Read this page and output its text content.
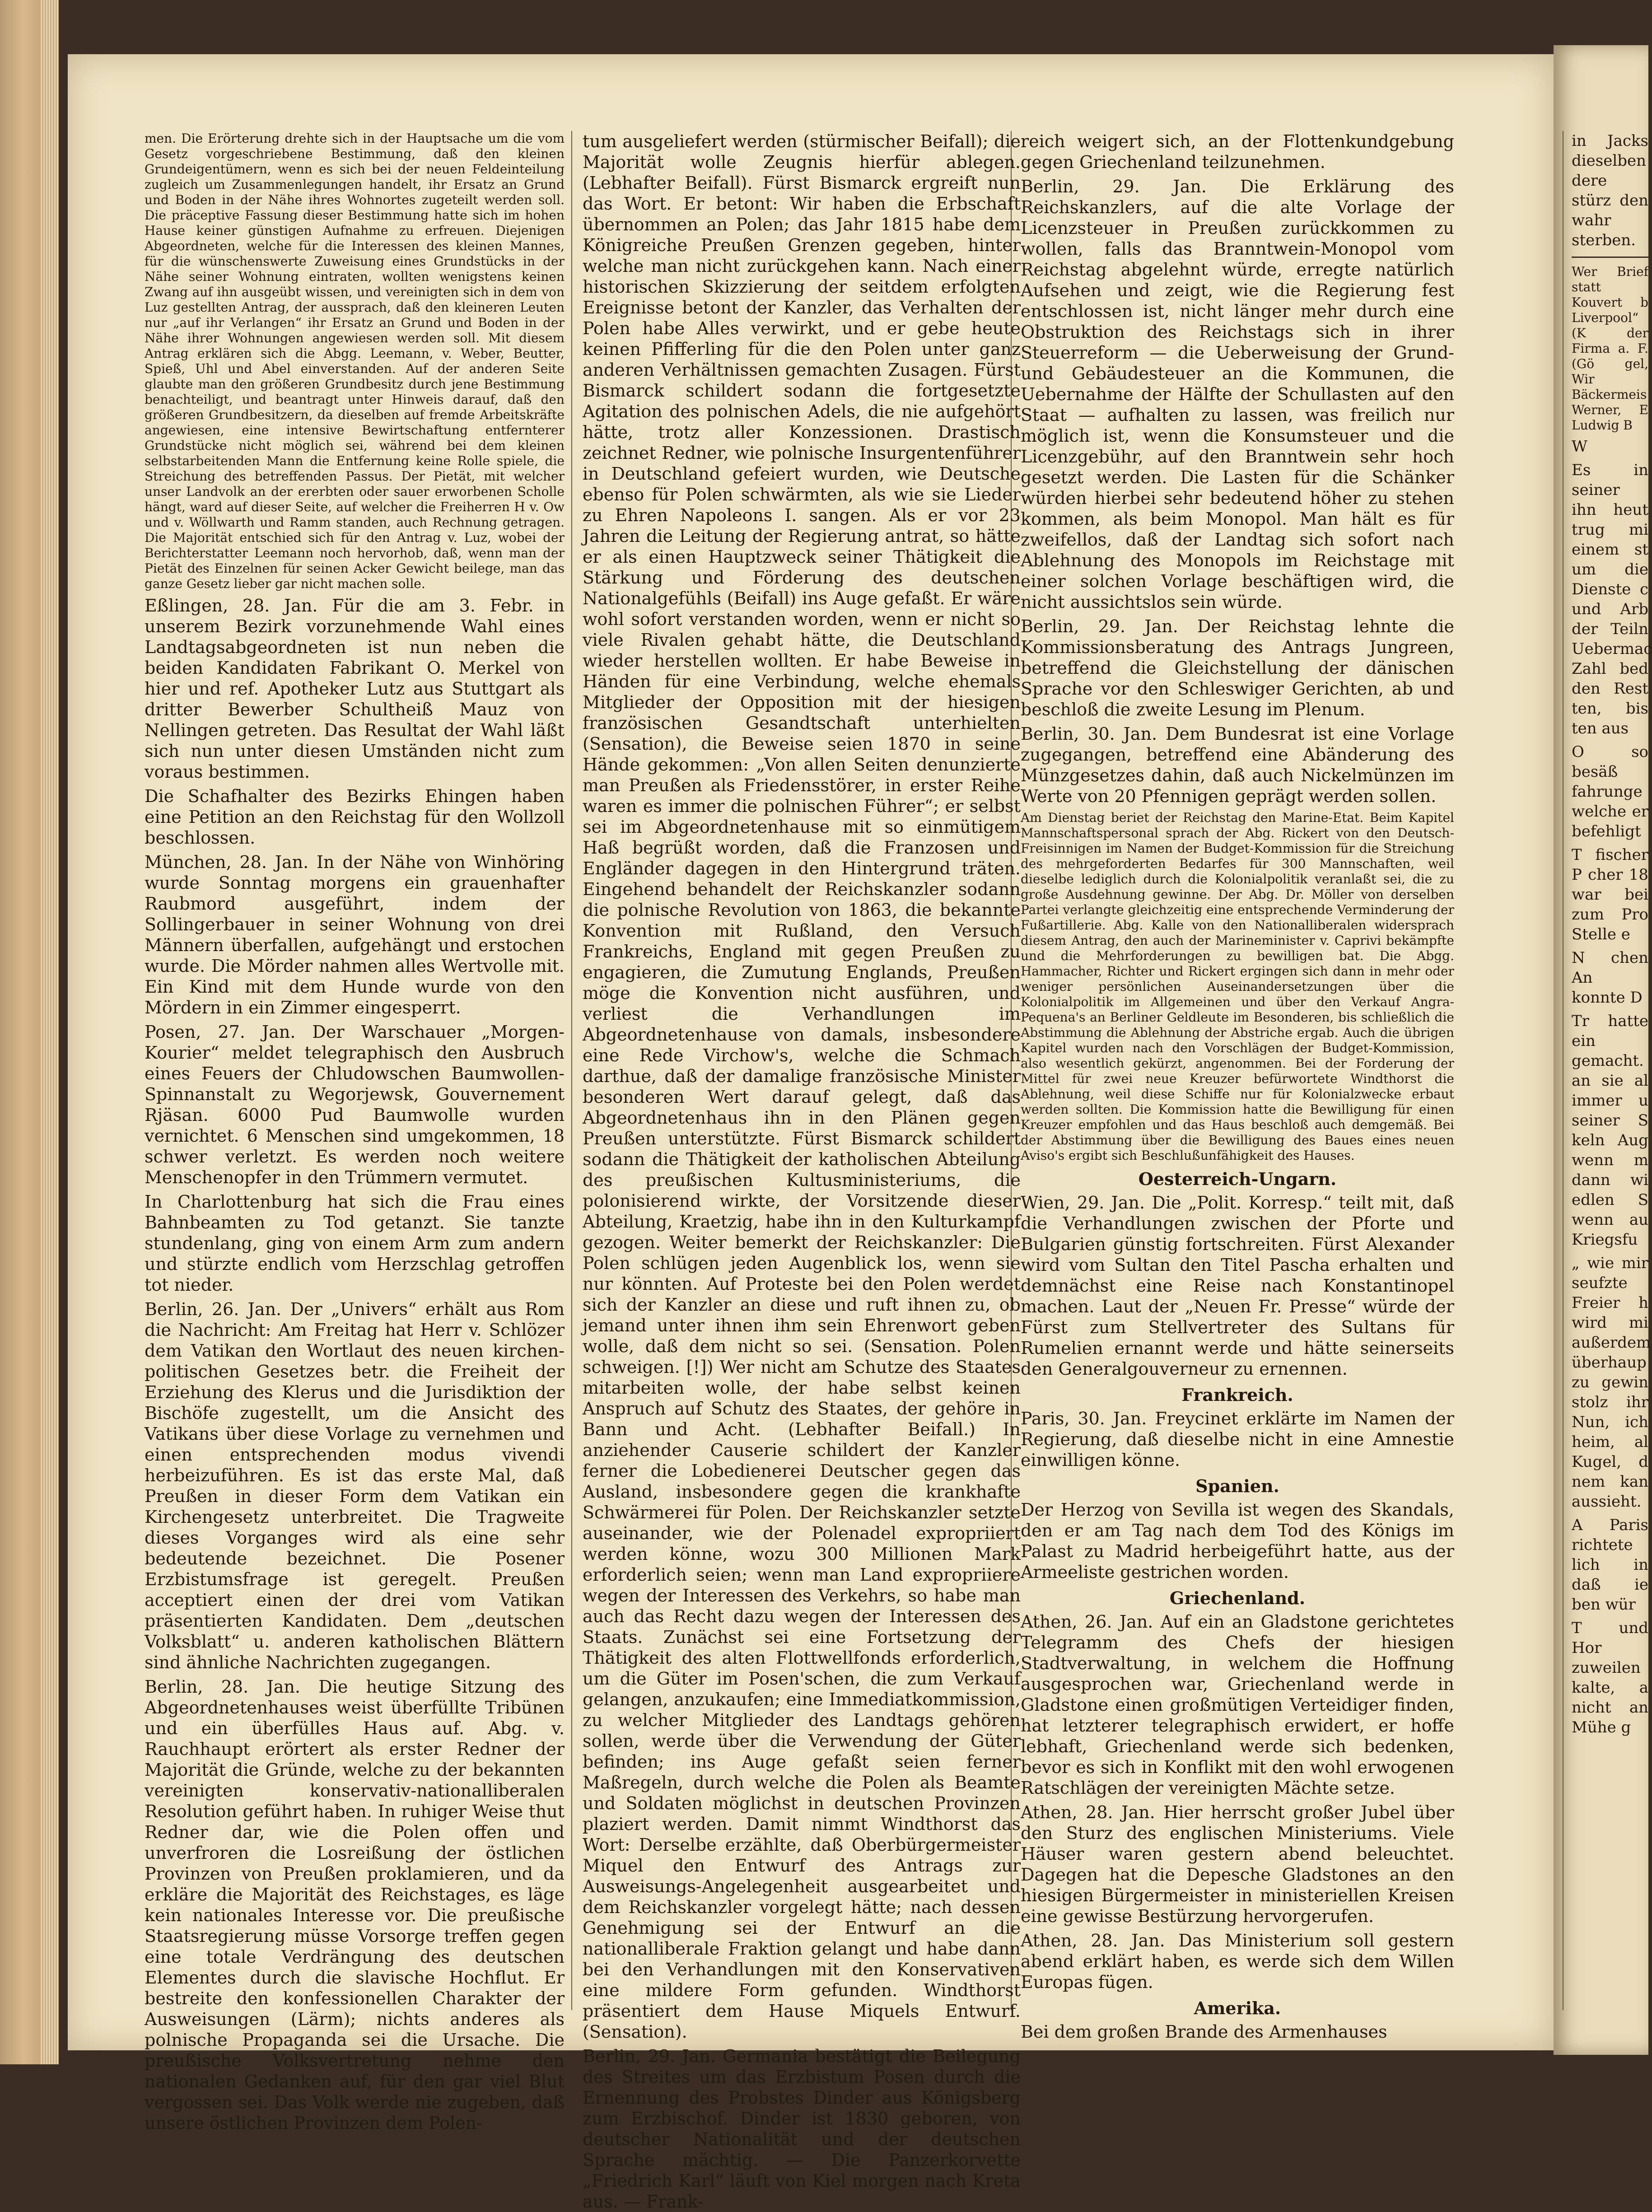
men. Die Erörterung drehte sich in der Hauptsache um die vom Gesetz vorgeschriebene Bestimmung, daß den kleinen Grundeigentümern, wenn es sich bei der neuen Feldeinteilung zugleich um Zusammenlegungen handelt, ihr Ersatz an Grund und Boden in der Nähe ihres Wohnortes zugeteilt werden soll. Die präceptive Fassung dieser Bestimmung hatte sich im hohen Hause keiner günstigen Aufnahme zu erfreuen. Diejenigen Abgeordneten, welche für die Interessen des kleinen Mannes, für die wünschenswerte Zuweisung eines Grundstücks in der Nähe seiner Wohnung eintraten, wollten wenigstens keinen Zwang auf ihn ausgeübt wissen, und vereinigten sich in dem von Luz gestellten Antrag, der aussprach, daß den kleineren Leuten nur „auf ihr Verlangen“ ihr Ersatz an Grund und Boden in der Nähe ihrer Wohnungen angewiesen werden soll. Mit diesem Antrag erklären sich die Abgg. Leemann, v. Weber, Beutter, Spieß, Uhl und Abel einverstanden. Auf der anderen Seite glaubte man den größeren Grundbesitz durch jene Bestimmung benachteiligt, und beantragt unter Hinweis darauf, daß den größeren Grundbesitzern, da dieselben auf fremde Arbeitskräfte angewiesen, eine intensive Bewirtschaftung entfernterer Grundstücke nicht möglich sei, während bei dem kleinen selbstarbeitenden Mann die Entfernung keine Rolle spiele, die Streichung des betreffenden Passus. Der Pietät, mit welcher unser Landvolk an der ererbten oder sauer erworbenen Scholle hängt, ward auf dieser Seite, auf welcher die Freiherren H v. Ow und v. Wöllwarth und Ramm standen, auch Rechnung getragen. Die Majorität entschied sich für den Antrag v. Luz, wobei der Berichterstatter Leemann noch hervorhob, daß, wenn man der Pietät des Einzelnen für seinen Acker Gewicht beilege, man das ganze Gesetz lieber gar nicht machen solle.

Eßlingen, 28. Jan. Für die am 3. Febr. in unserem Bezirk vorzunehmende Wahl eines Landtagsabgeordneten ist nun neben die beiden Kandidaten Fabrikant O. Merkel von hier und ref. Apotheker Lutz aus Stuttgart als dritter Bewerber Schultheiß Mauz von Nellingen getreten. Das Resultat der Wahl läßt sich nun unter diesen Umständen nicht zum voraus bestimmen.

Die Schafhalter des Bezirks Ehingen haben eine Petition an den Reichstag für den Wollzoll beschlossen.

München, 28. Jan. In der Nähe von Winhöring wurde Sonntag morgens ein grauenhafter Raubmord ausgeführt, indem der Sollingerbauer in seiner Wohnung von drei Männern überfallen, aufgehängt und erstochen wurde. Die Mörder nahmen alles Wertvolle mit. Ein Kind mit dem Hunde wurde von den Mördern in ein Zimmer eingesperrt.

Posen, 27. Jan. Der Warschauer „Morgen-Kourier“ meldet telegraphisch den Ausbruch eines Feuers der Chludowschen Baumwollen-Spinnanstalt zu Wegorjewsk, Gouvernement Rjäsan. 6000 Pud Baumwolle wurden vernichtet. 6 Menschen sind umgekommen, 18 schwer verletzt. Es werden noch weitere Menschenopfer in den Trümmern vermutet.

In Charlottenburg hat sich die Frau eines Bahnbeamten zu Tod getanzt. Sie tanzte stundenlang, ging von einem Arm zum andern und stürzte endlich vom Herzschlag getroffen tot nieder.

Berlin, 26. Jan. Der „Univers“ erhält aus Rom die Nachricht: Am Freitag hat Herr v. Schlözer dem Vatikan den Wortlaut des neuen kirchen-politischen Gesetzes betr. die Freiheit der Erziehung des Klerus und die Jurisdiktion der Bischöfe zugestellt, um die Ansicht des Vatikans über diese Vorlage zu vernehmen und einen entsprechenden modus vivendi herbeizuführen. Es ist das erste Mal, daß Preußen in dieser Form dem Vatikan ein Kirchengesetz unterbreitet. Die Tragweite dieses Vorganges wird als eine sehr bedeutende bezeichnet. Die Posener Erzbistumsfrage ist geregelt. Preußen acceptiert einen der drei vom Vatikan präsentierten Kandidaten. Dem „deutschen Volksblatt“ u. anderen katholischen Blättern sind ähnliche Nachrichten zugegangen.

Berlin, 28. Jan. Die heutige Sitzung des Abgeordnetenhauses weist überfüllte Tribünen und ein überfülles Haus auf. Abg. v. Rauchhaupt erörtert als erster Redner der Majorität die Gründe, welche zu der bekannten vereinigten konservativ-nationalliberalen Resolution geführt haben. In ruhiger Weise thut Redner dar, wie die Polen offen und unverfroren die Losreißung der östlichen Provinzen von Preußen proklamieren, und da erkläre die Majorität des Reichstages, es läge kein nationales Interesse vor. Die preußische Staatsregierung müsse Vorsorge treffen gegen eine totale Verdrängung des deutschen Elementes durch die slavische Hochflut. Er bestreite den konfessionellen Charakter der Ausweisungen (Lärm); nichts anderes als polnische Propaganda sei die Ursache. Die preußische Volksvertretung nehme den nationalen Gedanken auf, für den gar viel Blut vergossen sei. Das Volk werde nie zugeben, daß unsere östlichen Provinzen dem Polen-

tum ausgeliefert werden (stürmischer Beifall); die Majorität wolle Zeugnis hierfür ablegen. (Lebhafter Beifall). Fürst Bismarck ergreift nun das Wort. Er betont: Wir haben die Erbschaft übernommen an Polen; das Jahr 1815 habe dem Königreiche Preußen Grenzen gegeben, hinter welche man nicht zurückgehen kann. Nach einer historischen Skizzierung der seitdem erfolgten Ereignisse betont der Kanzler, das Verhalten der Polen habe Alles verwirkt, und er gebe heute keinen Pfifferling für die den Polen unter ganz anderen Verhältnissen gemachten Zusagen. Fürst Bismarck schildert sodann die fortgesetzte Agitation des polnischen Adels, die nie aufgehört hätte, trotz aller Konzessionen. Drastisch zeichnet Redner, wie polnische Insurgentenführer in Deutschland gefeiert wurden, wie Deutsche ebenso für Polen schwärmten, als wie sie Lieder zu Ehren Napoleons I. sangen. Als er vor 23 Jahren die Leitung der Regierung antrat, so hätte er als einen Hauptzweck seiner Thätigkeit die Stärkung und Förderung des deutschen Nationalgefühls (Beifall) ins Auge gefaßt. Er wäre wohl sofort verstanden worden, wenn er nicht so viele Rivalen gehabt hätte, die Deutschland wieder herstellen wollten. Er habe Beweise in Händen für eine Verbindung, welche ehemals Mitglieder der Opposition mit der hiesigen französischen Gesandtschaft unterhielten (Sensation), die Beweise seien 1870 in seine Hände gekommen: „Von allen Seiten denunzierte man Preußen als Friedensstörer, in erster Reihe waren es immer die polnischen Führer“; er selbst sei im Abgeordnetenhause mit so einmütigem Haß begrüßt worden, daß die Franzosen und Engländer dagegen in den Hintergrund träten. Eingehend behandelt der Reichskanzler sodann die polnische Revolution von 1863, die bekannte Konvention mit Rußland, den Versuch Frankreichs, England mit gegen Preußen zu engagieren, die Zumutung Englands, Preußen möge die Konvention nicht ausführen, und verliest die Verhandlungen im Abgeordnetenhause von damals, insbesondere eine Rede Virchow's, welche die Schmach darthue, daß der damalige französische Minister besonderen Wert darauf gelegt, daß das Abgeordnetenhaus ihn in den Plänen gegen Preußen unterstützte. Fürst Bismarck schildert sodann die Thätigkeit der katholischen Abteilung des preußischen Kultusministeriums, die polonisierend wirkte, der Vorsitzende dieser Abteilung, Kraetzig, habe ihn in den Kulturkampf gezogen. Weiter bemerkt der Reichskanzler: Die Polen schlügen jeden Augenblick los, wenn sie nur könnten. Auf Proteste bei den Polen werdet sich der Kanzler an diese und ruft ihnen zu, ob jemand unter ihnen ihm sein Ehrenwort geben wolle, daß dem nicht so sei. (Sensation. Polen schweigen. [!]) Wer nicht am Schutze des Staates mitarbeiten wolle, der habe selbst keinen Anspruch auf Schutz des Staates, der gehöre in Bann und Acht. (Lebhafter Beifall.) In anziehender Causerie schildert der Kanzler ferner die Lobedienerei Deutscher gegen das Ausland, insbesondere gegen die krankhafte Schwärmerei für Polen. Der Reichskanzler setzte auseinander, wie der Polenadel expropriiert werden könne, wozu 300 Millionen Mark erforderlich seien; wenn man Land expropriiere wegen der Interessen des Verkehrs, so habe man auch das Recht dazu wegen der Interessen des Staats. Zunächst sei eine Fortsetzung der Thätigkeit des alten Flottwellfonds erforderlich, um die Güter im Posen'schen, die zum Verkauf gelangen, anzukaufen; eine Immediatkommission, zu welcher Mitglieder des Landtags gehören sollen, werde über die Verwendung der Güter befinden; ins Auge gefaßt seien ferner Maßregeln, durch welche die Polen als Beamte und Soldaten möglichst in deutschen Provinzen plaziert werden. Damit nimmt Windthorst das Wort: Derselbe erzählte, daß Oberbürgermeister Miquel den Entwurf des Antrags zur Ausweisungs-Angelegenheit ausgearbeitet und dem Reichskanzler vorgelegt hätte; nach dessen Genehmigung sei der Entwurf an die nationalliberale Fraktion gelangt und habe dann bei den Verhandlungen mit den Konservativen eine mildere Form gefunden. Windthorst präsentiert dem Hause Miquels Entwurf. (Sensation).

Berlin, 29. Jan. Germania bestätigt die Beilegung des Streites um das Erzbistum Posen durch die Ernennung des Probstes Dinder aus Königsberg zum Erzbischof. Dinder ist 1830 geboren, von deutscher Nationalität und der deutschen Sprache mächtig. — Die Panzerkorvette „Friedrich Karl“ läuft von Kiel morgen nach Kreta aus. — Frank-

reich weigert sich, an der Flottenkundgebung gegen Griechenland teilzunehmen.

Berlin, 29. Jan. Die Erklärung des Reichskanzlers, auf die alte Vorlage der Licenzsteuer in Preußen zurückkommen zu wollen, falls das Branntwein-Monopol vom Reichstag abgelehnt würde, erregte natürlich Aufsehen und zeigt, wie die Regierung fest entschlossen ist, nicht länger mehr durch eine Obstruktion des Reichstags sich in ihrer Steuerreform — die Ueberweisung der Grund- und Gebäudesteuer an die Kommunen, die Uebernahme der Hälfte der Schullasten auf den Staat — aufhalten zu lassen, was freilich nur möglich ist, wenn die Konsumsteuer und die Licenzgebühr, auf den Branntwein sehr hoch gesetzt werden. Die Lasten für die Schänker würden hierbei sehr bedeutend höher zu stehen kommen, als beim Monopol. Man hält es für zweifellos, daß der Landtag sich sofort nach Ablehnung des Monopols im Reichstage mit einer solchen Vorlage beschäftigen wird, die nicht aussichtslos sein würde.

Berlin, 29. Jan. Der Reichstag lehnte die Kommissionsberatung des Antrags Jungreen, betreffend die Gleichstellung der dänischen Sprache vor den Schleswiger Gerichten, ab und beschloß die zweite Lesung im Plenum.

Berlin, 30. Jan. Dem Bundesrat ist eine Vorlage zugegangen, betreffend eine Abänderung des Münzgesetzes dahin, daß auch Nickelmünzen im Werte von 20 Pfennigen geprägt werden sollen.

Am Dienstag beriet der Reichstag den Marine-Etat. Beim Kapitel Mannschaftspersonal sprach der Abg. Rickert von den Deutsch-Freisinnigen im Namen der Budget-Kommission für die Streichung des mehrgeforderten Bedarfes für 300 Mannschaften, weil dieselbe lediglich durch die Kolonialpolitik veranlaßt sei, die zu große Ausdehnung gewinne. Der Abg. Dr. Möller von derselben Partei verlangte gleichzeitig eine entsprechende Verminderung der Fußartillerie. Abg. Kalle von den Nationalliberalen widersprach diesem Antrag, den auch der Marineminister v. Caprivi bekämpfte und die Mehrforderungen zu bewilligen bat. Die Abgg. Hammacher, Richter und Rickert ergingen sich dann in mehr oder weniger persönlichen Auseinandersetzungen über die Kolonialpolitik im Allgemeinen und über den Verkauf Angra-Pequena's an Berliner Geldleute im Besonderen, bis schließlich die Abstimmung die Ablehnung der Abstriche ergab. Auch die übrigen Kapitel wurden nach den Vorschlägen der Budget-Kommission, also wesentlich gekürzt, angenommen. Bei der Forderung der Mittel für zwei neue Kreuzer befürwortete Windthorst die Ablehnung, weil diese Schiffe nur für Kolonialzwecke erbaut werden sollten. Die Kommission hatte die Bewilligung für einen Kreuzer empfohlen und das Haus beschloß auch demgemäß. Bei der Abstimmung über die Bewilligung des Baues eines neuen Aviso's ergibt sich Beschlußunfähigkeit des Hauses.

Oesterreich-Ungarn.

Wien, 29. Jan. Die „Polit. Korresp.“ teilt mit, daß die Verhandlungen zwischen der Pforte und Bulgarien günstig fortschreiten. Fürst Alexander wird vom Sultan den Titel Pascha erhalten und demnächst eine Reise nach Konstantinopel machen. Laut der „Neuen Fr. Presse“ würde der Fürst zum Stellvertreter des Sultans für Rumelien ernannt werde und hätte seinerseits den Generalgouverneur zu ernennen.

Frankreich.

Paris, 30. Jan. Freycinet erklärte im Namen der Regierung, daß dieselbe nicht in eine Amnestie einwilligen könne.

Spanien.

Der Herzog von Sevilla ist wegen des Skandals, den er am Tag nach dem Tod des Königs im Palast zu Madrid herbeigeführt hatte, aus der Armeeliste gestrichen worden.

Griechenland.

Athen, 26. Jan. Auf ein an Gladstone gerichtetes Telegramm des Chefs der hiesigen Stadtverwaltung, in welchem die Hoffnung ausgesprochen war, Griechenland werde in Gladstone einen großmütigen Verteidiger finden, hat letzterer telegraphisch erwidert, er hoffe lebhaft, Griechenland werde sich bedenken, bevor es sich in Konflikt mit den wohl erwogenen Ratschlägen der vereinigten Mächte setze.

Athen, 28. Jan. Hier herrscht großer Jubel über den Sturz des englischen Ministeriums. Viele Häuser waren gestern abend beleuchtet. Dagegen hat die Depesche Gladstones an den hiesigen Bürgermeister in ministeriellen Kreisen eine gewisse Bestürzung hervorgerufen.

Athen, 28. Jan. Das Ministerium soll gestern abend erklärt haben, es werde sich dem Willen Europas fügen.

Amerika.

Bei dem großen Brande des Armenhauses

in Jacks dieselben dere stürz den wahr sterben.

Wer Brief statt Kouvert b Liverpool“ (K der Firma a. F. (Gö gel, Wir Bäckermeis Werner, E Ludwig B

W

Es in seiner ihn heut trug mi einem st um die Dienste c und Arb der Teiln Uebermac Zahl bed den Rest ten, bis ten aus

O so besäß fahrunge welche er befehligt

T fischer P cher 18 war bei zum Pro Stelle e

N chen An konnte D

Tr hatte ein gemacht. an sie al immer u seiner S keln Aug wenn m dann wi edlen S wenn au Kriegsfu

„ wie mir seufzte Freier h wird mi außerdem überhaup zu gewin stolz ihr Nun, ich heim, al Kugel, d nem kan aussieht.

A Paris richtete lich in daß ie ben wür

T und Hor zuweilen kalte, a nicht an Mühe g
